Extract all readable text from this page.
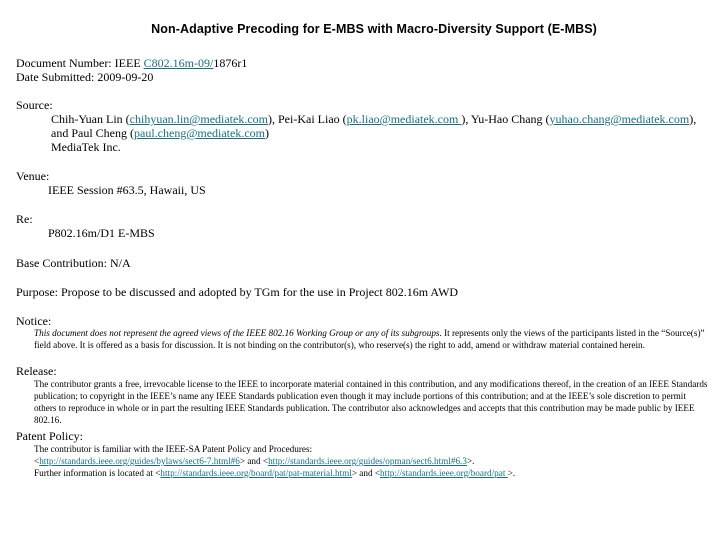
Non-Adaptive Precoding for E-MBS with Macro-Diversity Support (E-MBS)
Document Number: IEEE C802.16m-09/1876r1
Date Submitted: 2009-09-20
Source:
Chih-Yuan Lin (chihyuan.lin@mediatek.com), Pei-Kai Liao (pk.liao@mediatek.com ), Yu-Hao Chang (yuhao.chang@mediatek.com),
and Paul Cheng (paul.cheng@mediatek.com)
MediaTek Inc.
Venue:
IEEE Session #63.5, Hawaii, US
Re:
P802.16m/D1 E-MBS
Base Contribution: N/A
Purpose: Propose to be discussed and adopted by TGm for the use in Project 802.16m AWD
Notice:
This document does not represent the agreed views of the IEEE 802.16 Working Group or any of its subgroups. It represents only the views of the participants listed in the “Source(s)” field above. It is offered as a basis for discussion. It is not binding on the contributor(s), who reserve(s) the right to add, amend or withdraw material contained herein.
Release:
The contributor grants a free, irrevocable license to the IEEE to incorporate material contained in this contribution, and any modifications thereof, in the creation of an IEEE Standards publication; to copyright in the IEEE’s name any IEEE Standards publication even though it may include portions of this contribution; and at the IEEE’s sole discretion to permit others to reproduce in whole or in part the resulting IEEE Standards publication. The contributor also acknowledges and accepts that this contribution may be made public by IEEE 802.16.
Patent Policy:
The contributor is familiar with the IEEE-SA Patent Policy and Procedures:
<http://standards.ieee.org/guides/bylaws/sect6-7.html#6> and <http://standards.ieee.org/guides/opman/sect6.html#6.3>.
Further information is located at <http://standards.ieee.org/board/pat/pat-material.html> and <http://standards.ieee.org/board/pat >.
